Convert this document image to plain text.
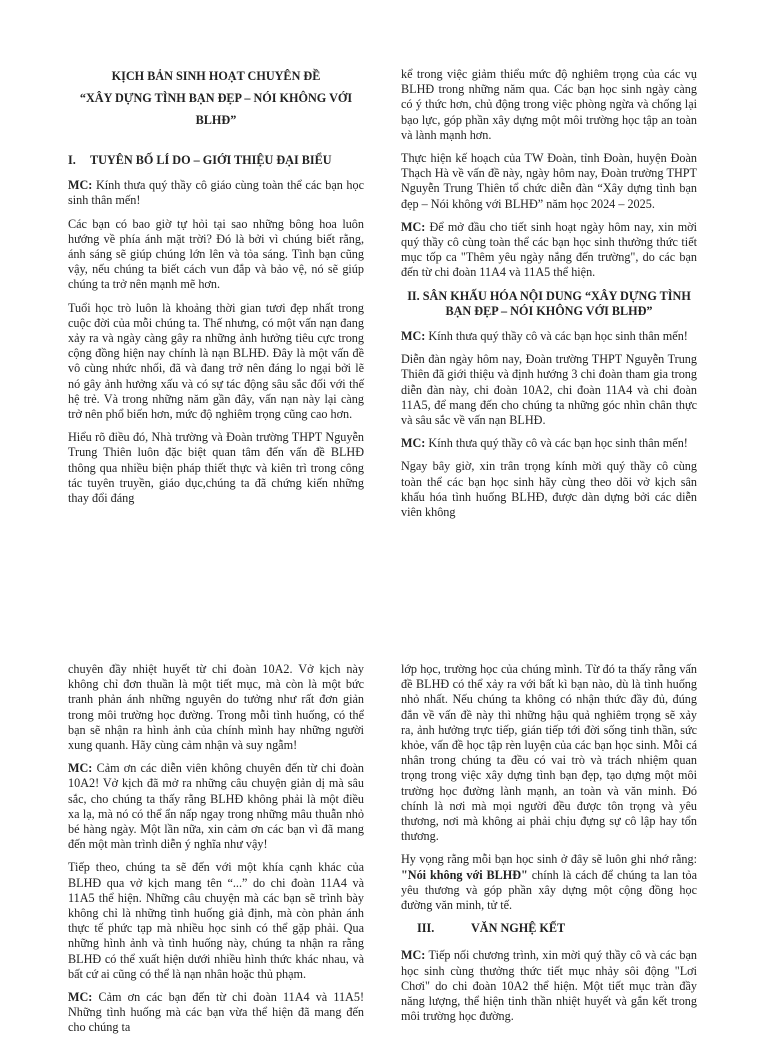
KỊCH BẢN SINH HOẠT CHUYÊN ĐỀ
“XÂY DỰNG TÌNH BẠN ĐẸP – NÓI KHÔNG VỚI
BLHĐ”
I. TUYÊN BỐ LÍ DO – GIỚI THIỆU ĐẠI BIỂU

MC: Kính thưa quý thầy cô giáo cùng toàn thể các bạn học sinh thân mến!

Các bạn có bao giờ tự hỏi tại sao những bông hoa luôn hướng về phía ánh mặt trời? Đó là bởi vì chúng biết rằng, ánh sáng sẽ giúp chúng lớn lên và tỏa sáng. Tình bạn cũng vậy, nếu chúng ta biết cách vun đắp và bảo vệ, nó sẽ giúp chúng ta trở nên mạnh mẽ hơn.

Tuổi học trò luôn là khoảng thời gian tươi đẹp nhất trong cuộc đời của mỗi chúng ta. Thế nhưng, có một vấn nạn đang xảy ra và ngày càng gây ra những ảnh hưởng tiêu cực trong cộng đồng hiện nay chính là nạn BLHĐ. Đây là một vấn đề vô cùng nhức nhối, đã và đang trở nên đáng lo ngại bởi lẽ nó gây ảnh hưởng xấu và có sự tác động sâu sắc đối với thế hệ trẻ. Và trong những năm gần đây, vấn nạn này lại càng trở nên phổ biến hơn, mức độ nghiêm trọng cũng cao hơn.

Hiểu rõ điều đó, Nhà trường và Đoàn trường THPT Nguyễn Trung Thiên luôn đặc biệt quan tâm đến vấn đề BLHĐ thông qua nhiều biện pháp thiết thực và kiên trì trong công tác tuyên truyền, giáo dục,chúng ta đã chứng kiến những thay đổi đáng

kể trong việc giảm thiểu mức độ nghiêm trọng của các vụ BLHĐ trong những năm qua. Các bạn học sinh ngày càng có ý thức hơn, chủ động trong việc phòng ngừa và chống lại bạo lực, góp phần xây dựng một môi trường học tập an toàn và lành mạnh hơn.

Thực hiện kế hoạch của TW Đoàn, tỉnh Đoàn, huyện Đoàn Thạch Hà về vấn đề này, ngày hôm nay, Đoàn trường THPT Nguyễn Trung Thiên tổ chức diễn đàn “Xây dựng tình bạn đẹp – Nói không với BLHĐ” năm học 2024 – 2025.

MC: Để mở đầu cho tiết sinh hoạt ngày hôm nay, xin mời quý thầy cô cùng toàn thể các bạn học sinh thưởng thức tiết mục tốp ca "Thêm yêu ngày nắng đến trường", do các bạn đến từ chi đoàn 11A4 và 11A5 thể hiện.

II. SÂN KHẤU HÓA NỘI DUNG “XÂY DỰNG TÌNH BẠN ĐẸP – NÓI KHÔNG VỚI BLHĐ”

MC: Kính thưa quý thầy cô và các bạn học sinh thân mến!

Diễn đàn ngày hôm nay, Đoàn trường THPT Nguyễn Trung Thiên đã giới thiệu và định hướng 3 chi đoàn tham gia trong diễn đàn này, chi đoàn 10A2, chi đoàn 11A4 và chi đoàn 11A5, để mang đến cho chúng ta những góc nhìn chân thực và sâu sắc về vấn nạn BLHĐ.

MC: Kính thưa quý thầy cô và các bạn học sinh thân mến!

Ngay bây giờ, xin trân trọng kính mời quý thầy cô cùng toàn thể các bạn học sinh hãy cùng theo dõi vở kịch sân khấu hóa tình huống BLHĐ, được dàn dựng bởi các diễn viên không

chuyên đầy nhiệt huyết từ chi đoàn 10A2. Vở kịch này không chỉ đơn thuần là một tiết mục, mà còn là một bức tranh phản ánh những nguyên do tưởng như rất đơn giản trong môi trường học đường. Trong mỗi tình huống, có thể bạn sẽ nhận ra hình ảnh của chính mình hay những người xung quanh. Hãy cùng cảm nhận và suy ngẫm!

MC: Cảm ơn các diễn viên không chuyên đến từ chi đoàn 10A2! Vở kịch đã mở ra những câu chuyện giản dị mà sâu sắc, cho chúng ta thấy rằng BLHĐ không phải là một điều xa lạ, mà nó có thể ẩn nấp ngay trong những mâu thuẫn nhỏ bé hàng ngày. Một lần nữa, xin cảm ơn các bạn vì đã mang đến một màn trình diễn ý nghĩa như vậy!

Tiếp theo, chúng ta sẽ đến với một khía cạnh khác của BLHĐ qua vở kịch mang tên “...” do chi đoàn 11A4 và 11A5 thể hiện. Những câu chuyện mà các bạn sẽ trình bày không chỉ là những tình huống giả định, mà còn phản ánh thực tế phức tạp mà nhiều học sinh có thể gặp phải. Qua những hình ảnh và tình huống này, chúng ta nhận ra rằng BLHĐ có thể xuất hiện dưới nhiều hình thức khác nhau, và bất cứ ai cũng có thể là nạn nhân hoặc thủ phạm.

MC: Cảm ơn các bạn đến từ chi đoàn 11A4 và 11A5! Những tình huống mà các bạn vừa thể hiện đã mang đến cho chúng ta

lớp học, trường học của chúng mình. Từ đó ta thấy rằng vấn đề BLHĐ có thể xảy ra với bất kì bạn nào, dù là tình huống nhỏ nhất. Nếu chúng ta không có nhận thức đầy đủ, đúng đắn về vấn đề này thì những hậu quả nghiêm trọng sẽ xảy ra, ảnh hưởng trực tiếp, gián tiếp tới đời sống tinh thần, sức khỏe, vấn đề học tập rèn luyện của các bạn học sinh. Mỗi cá nhân trong chúng ta đều có vai trò và trách nhiệm quan trọng trong việc xây dựng tình bạn đẹp, tạo dựng một môi trường học đường lành mạnh, an toàn và văn minh. Đó chính là nơi mà mọi người đều được tôn trọng và yêu thương, nơi mà không ai phải chịu đựng sự cô lập hay tổn thương.

Hy vọng rằng mỗi bạn học sinh ở đây sẽ luôn ghi nhớ rằng: "Nói không với BLHĐ" chính là cách để chúng ta lan tỏa yêu thương và góp phần xây dựng một cộng đồng học đường văn minh, tử tế.

III.	VĂN NGHỆ KẾT

MC: Tiếp nối chương trình, xin mời quý thầy cô và các bạn học sinh cùng thưởng thức tiết mục nhảy sôi động "Lơi Chơi" do chi đoàn 10A2 thể hiện. Một tiết mục tràn đầy năng lượng, thể hiện tinh thần nhiệt huyết và gắn kết trong môi trường học đường.
